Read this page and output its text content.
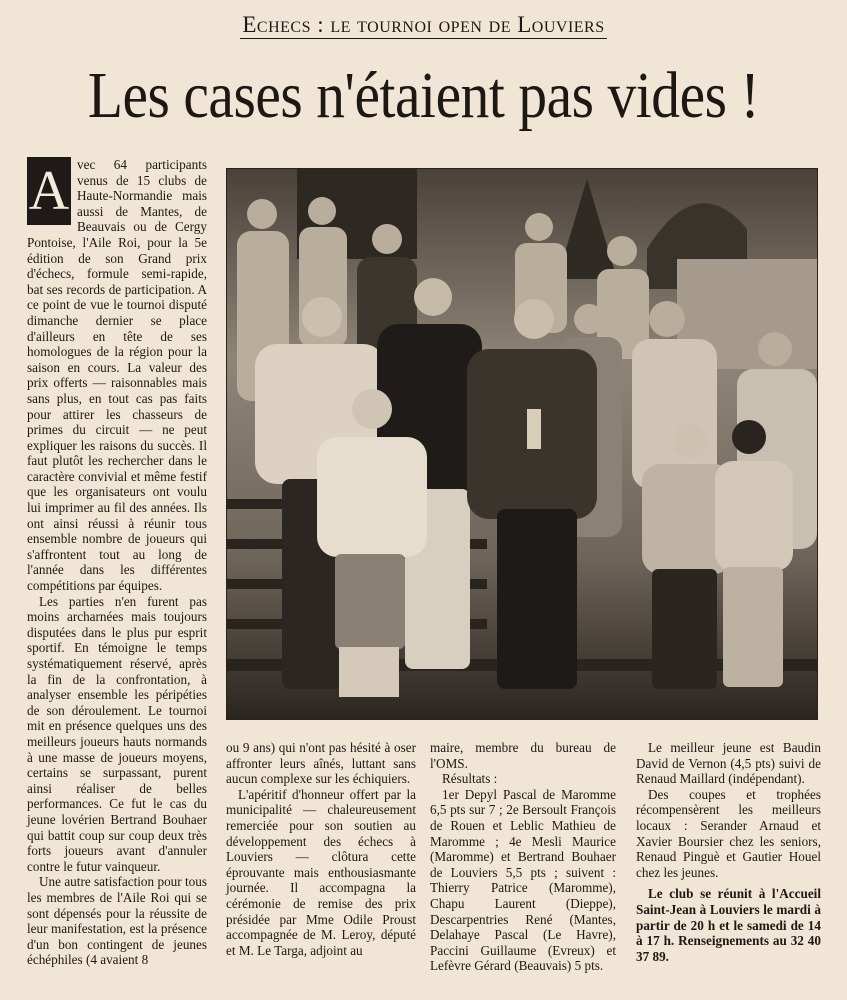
Echecs : le tournoi open de Louviers
Les cases n'étaient pas vides !

A vec 64 participants venus de 15 clubs de Haute-Normandie mais aussi de Mantes, de Beauvais ou de Cergy Pontoise, l'Aile Roi, pour la 5e édition de son Grand prix d'échecs, formule semi-rapide, bat ses records de participation. A ce point de vue le tournoi disputé dimanche dernier se place d'ailleurs en tête de ses homologues de la région pour la saison en cours. La valeur des prix offerts — raisonnables mais sans plus, en tout cas pas faits pour attirer les chasseurs de primes du circuit — ne peut expliquer les raisons du succès. Il faut plutôt les rechercher dans le caractère convivial et même festif que les organisateurs ont voulu lui imprimer au fil des années. Ils ont ainsi réussi à réunir tous ensemble nombre de joueurs qui s'affrontent tout au long de l'année dans les différentes compétitions par équipes.

Les parties n'en furent pas moins archarnées mais toujours disputées dans le plus pur esprit sportif. En témoigne le temps systématiquement réservé, après la fin de la confrontation, à analyser ensemble les péripéties de son déroulement. Le tournoi mit en présence quelques uns des meilleurs joueurs hauts normands à une masse de joueurs moyens, certains se surpassant, purent ainsi réaliser de belles performances. Ce fut le cas du jeune lovérien Bertrand Bouhaer qui battit coup sur coup deux très forts joueurs avant d'annuler contre le futur vainqueur.

Une autre satisfaction pour tous les membres de l'Aile Roi qui se sont dépensés pour la réussite de leur manifestation, est la présence d'un bon contingent de jeunes échéphiles (4 avaient 8

ou 9 ans) qui n'ont pas hésité à oser affronter leurs aînés, luttant sans aucun complexe sur les échiquiers.

L'apéritif d'honneur offert par la municipalité — chaleureusement remerciée pour son soutien au développement des échecs à Louviers — clôtura cette éprouvante mais enthousiasmante journée. Il accompagna la cérémonie de remise des prix présidée par Mme Odile Proust accompagnée de M. Leroy, député et M. Le Targa, adjoint au

maire, membre du bureau de l'OMS.

Résultats :

1er Depyl Pascal de Maromme 6,5 pts sur 7 ; 2e Bersoult François de Rouen et Leblic Mathieu de Maromme ; 4e Mesli Maurice (Maromme) et Bertrand Bouhaer de Louviers 5,5 pts ; suivent : Thierry Patrice (Maromme), Chapu Laurent (Dieppe), Descarpentries René (Mantes, Delahaye Pascal (Le Havre), Paccini Guillaume (Evreux) et Lefèvre Gérard (Beauvais) 5 pts.

Le meilleur jeune est Baudin David de Vernon (4,5 pts) suivi de Renaud Maillard (indépendant).

Des coupes et trophées récompensèrent les meilleurs locaux : Serander Arnaud et Xavier Boursier chez les seniors, Renaud Pinguè et Gautier Houel chez les jeunes.

Le club se réunit à l'Accueil Saint-Jean à Louviers le mardi à partir de 20 h et le samedi de 14 à 17 h. Renseignements au 32 40 37 89.
